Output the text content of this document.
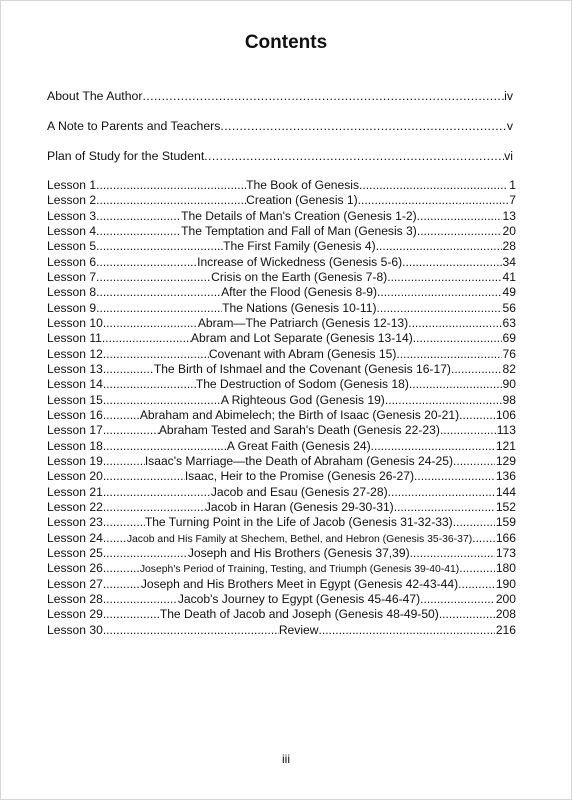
Contents
About The Author .....	iv
A Note to Parents and Teachers .....	v
Plan of Study for the Student .....	vi
Lesson 1 .....	The Book of Genesis .....	1
Lesson 2 .....	Creation (Genesis 1) .....	7
Lesson 3 .....	The Details of Man's Creation (Genesis 1-2) .....	13
Lesson 4 .....	The Temptation and Fall of Man (Genesis 3) .....	20
Lesson 5 .....	The First Family (Genesis 4) .....	28
Lesson 6 .....	Increase of Wickedness (Genesis 5-6) .....	34
Lesson 7 .....	Crisis on the Earth (Genesis 7-8) .....	41
Lesson 8 .....	After the Flood (Genesis 8-9) .....	49
Lesson 9 .....	The Nations (Genesis 10-11) .....	56
Lesson 10 .....	Abram—The Patriarch (Genesis 12-13) .....	63
Lesson 11 .....	Abram and Lot Separate (Genesis 13-14) .....	69
Lesson 12 .....	Covenant with Abram (Genesis 15) .....	76
Lesson 13 .....	The Birth of Ishmael and the Covenant (Genesis 16-17) .....	82
Lesson 14 .....	The Destruction of Sodom (Genesis 18) .....	90
Lesson 15 .....	A Righteous God (Genesis 19) .....	98
Lesson 16 .....	Abraham and Abimelech; the Birth of Isaac (Genesis 20-21) .....	106
Lesson 17 .....	Abraham Tested and Sarah's Death (Genesis 22-23) .....	113
Lesson 18 .....	A Great Faith (Genesis 24) .....	121
Lesson 19 .....	Isaac's Marriage—the Death of Abraham (Genesis 24-25) .....	129
Lesson 20 .....	Isaac, Heir to the Promise (Genesis 26-27) .....	136
Lesson 21 .....	Jacob and Esau (Genesis 27-28) .....	144
Lesson 22 .....	Jacob in Haran (Genesis 29-30-31) .....	152
Lesson 23 .....	The Turning Point in the Life of Jacob (Genesis 31-32-33) .....	159
Lesson 24 ..... Jacob and His Family at Shechem, Bethel, and Hebron (Genesis 35-36-37) ..... 166
Lesson 25 .....	Joseph and His Brothers (Genesis 37,39) .....	173
Lesson 26 .....	Joseph's Period of Training, Testing, and Triumph (Genesis 39-40-41) .....	180
Lesson 27 .....	Joseph and His Brothers Meet in Egypt (Genesis 42-43-44) .....	190
Lesson 28 .....	Jacob's Journey to Egypt (Genesis 45-46-47) .....	200
Lesson 29 .....	The Death of Jacob and Joseph (Genesis 48-49-50) .....	208
Lesson 30 .....	Review .....	216
iii
